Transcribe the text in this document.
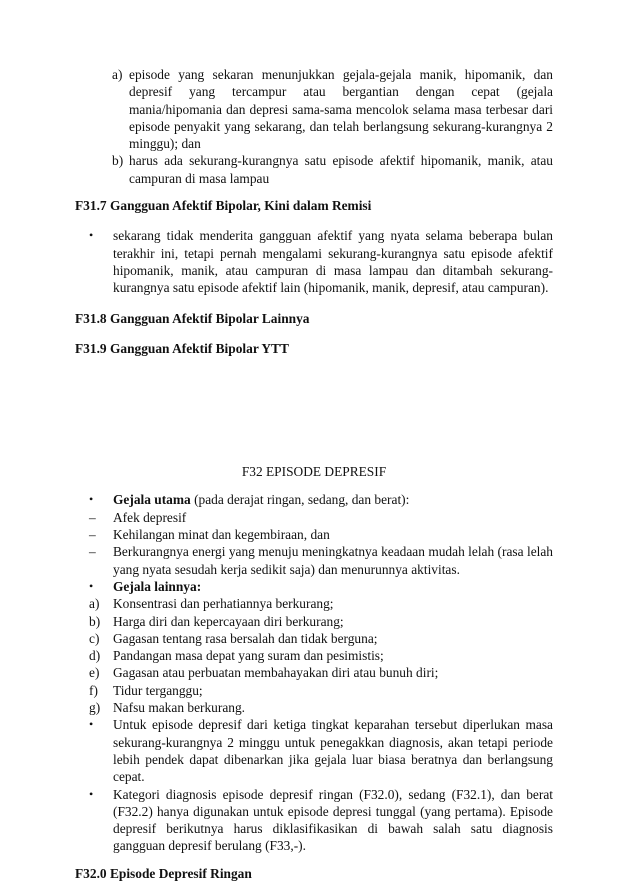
a) episode yang sekaran menunjukkan gejala-gejala manik, hipomanik, dan depresif yang tercampur atau bergantian dengan cepat (gejala mania/hipomania dan depresi sama-sama mencolok selama masa terbesar dari episode penyakit yang sekarang, dan telah berlangsung sekurang-kurangnya 2 minggu); dan
b) harus ada sekurang-kurangnya satu episode afektif hipomanik, manik, atau campuran di masa lampau
F31.7 Gangguan Afektif Bipolar, Kini dalam Remisi
•	sekarang tidak menderita gangguan afektif yang nyata selama beberapa bulan terakhir ini, tetapi pernah mengalami sekurang-kurangnya satu episode afektif hipomanik, manik, atau campuran di masa lampau dan ditambah sekurang-kurangnya satu episode afektif lain (hipomanik, manik, depresif, atau campuran).
F31.8 Gangguan Afektif Bipolar Lainnya
F31.9 Gangguan Afektif Bipolar YTT
F32 EPISODE DEPRESIF
•	Gejala utama (pada derajat ringan, sedang, dan berat):
–	Afek depresif
–	Kehilangan minat dan kegembiraan, dan
–	Berkurangnya energi yang menuju meningkatnya keadaan mudah lelah (rasa lelah yang nyata sesudah kerja sedikit saja) dan menurunnya aktivitas.
•	Gejala lainnya:
a)	Konsentrasi dan perhatiannya berkurang;
b) Harga diri dan kepercayaan diri berkurang;
c)	Gagasan tentang rasa bersalah dan tidak berguna;
d) Pandangan masa depat yang suram dan pesimistis;
e)	Gagasan atau perbuatan membahayakan diri atau bunuh diri;
f)	Tidur terganggu;
g) Nafsu makan berkurang.
•	Untuk episode depresif dari ketiga tingkat keparahan tersebut diperlukan masa sekurang-kurangnya 2 minggu untuk penegakkan diagnosis, akan tetapi periode lebih pendek dapat dibenarkan jika gejala luar biasa beratnya dan berlangsung cepat.
•	Kategori diagnosis episode depresif ringan (F32.0), sedang (F32.1), dan berat (F32.2) hanya digunakan untuk episode depresi tunggal (yang pertama). Episode depresif berikutnya harus diklasifikasikan di bawah salah satu diagnosis gangguan depresif berulang (F33,-).
F32.0 Episode Depresif Ringan
